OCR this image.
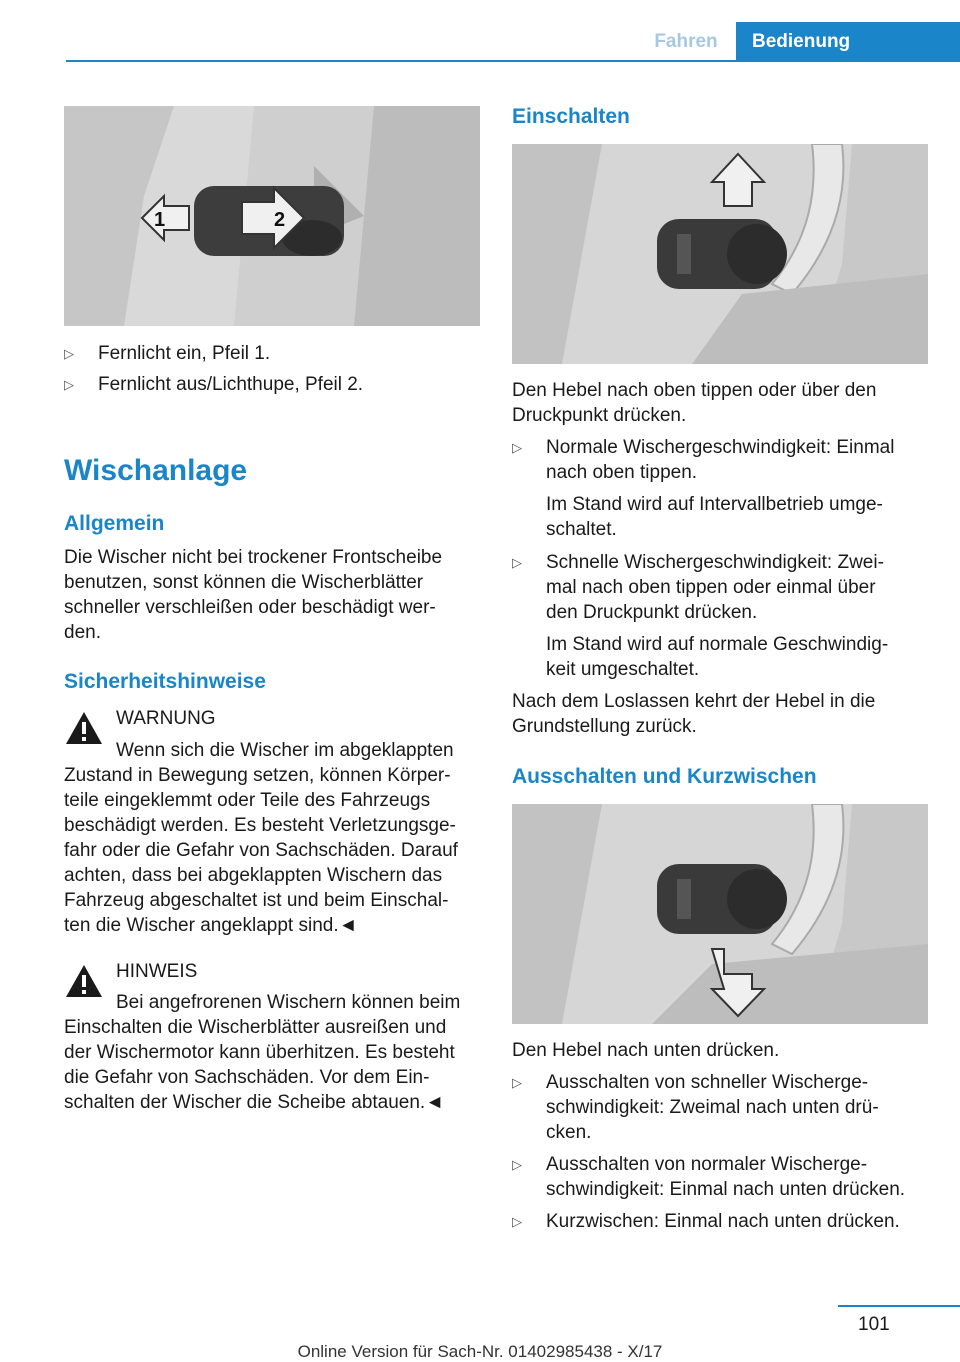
Fahren	Bedienung
1	2
▷ Fernlicht ein, Pfeil 1.
▷ Fernlicht aus/Lichthupe, Pfeil 2.
Wischanlage
Allgemein
Die Wischer nicht bei trockener Frontscheibe
benutzen, sonst können die Wischerblätter
schneller verschleißen oder beschädigt wer-
den.
Sicherheitshinweise
WARNUNG
Wenn sich die Wischer im abgeklappten
Zustand in Bewegung setzen, können Körper-
teile eingeklemmt oder Teile des Fahrzeugs
beschädigt werden. Es besteht Verletzungsge-
fahr oder die Gefahr von Sachschäden. Darauf
achten, dass bei abgeklappten Wischern das
Fahrzeug abgeschaltet ist und beim Einschal-
ten die Wischer angeklappt sind.◄
HINWEIS
Bei angefrorenen Wischern können beim
Einschalten die Wischerblätter ausreißen und
der Wischermotor kann überhitzen. Es besteht
die Gefahr von Sachschäden. Vor dem Ein-
schalten der Wischer die Scheibe abtauen.◄
Einschalten
Den Hebel nach oben tippen oder über den
Druckpunkt drücken.
▷ Normale Wischergeschwindigkeit: Einmal
nach oben tippen.
Im Stand wird auf Intervallbetrieb umge-
schaltet.
▷ Schnelle Wischergeschwindigkeit: Zwei-
mal nach oben tippen oder einmal über
den Druckpunkt drücken.
Im Stand wird auf normale Geschwindig-
keit umgeschaltet.
Nach dem Loslassen kehrt der Hebel in die
Grundstellung zurück.
Ausschalten und Kurzwischen
Den Hebel nach unten drücken.
▷ Ausschalten von schneller Wischerge-
schwindigkeit: Zweimal nach unten drü-
cken.
▷ Ausschalten von normaler Wischerge-
schwindigkeit: Einmal nach unten drücken.
▷ Kurzwischen: Einmal nach unten drücken.
101
Online Version für Sach-Nr. 01402985438 - X/17
